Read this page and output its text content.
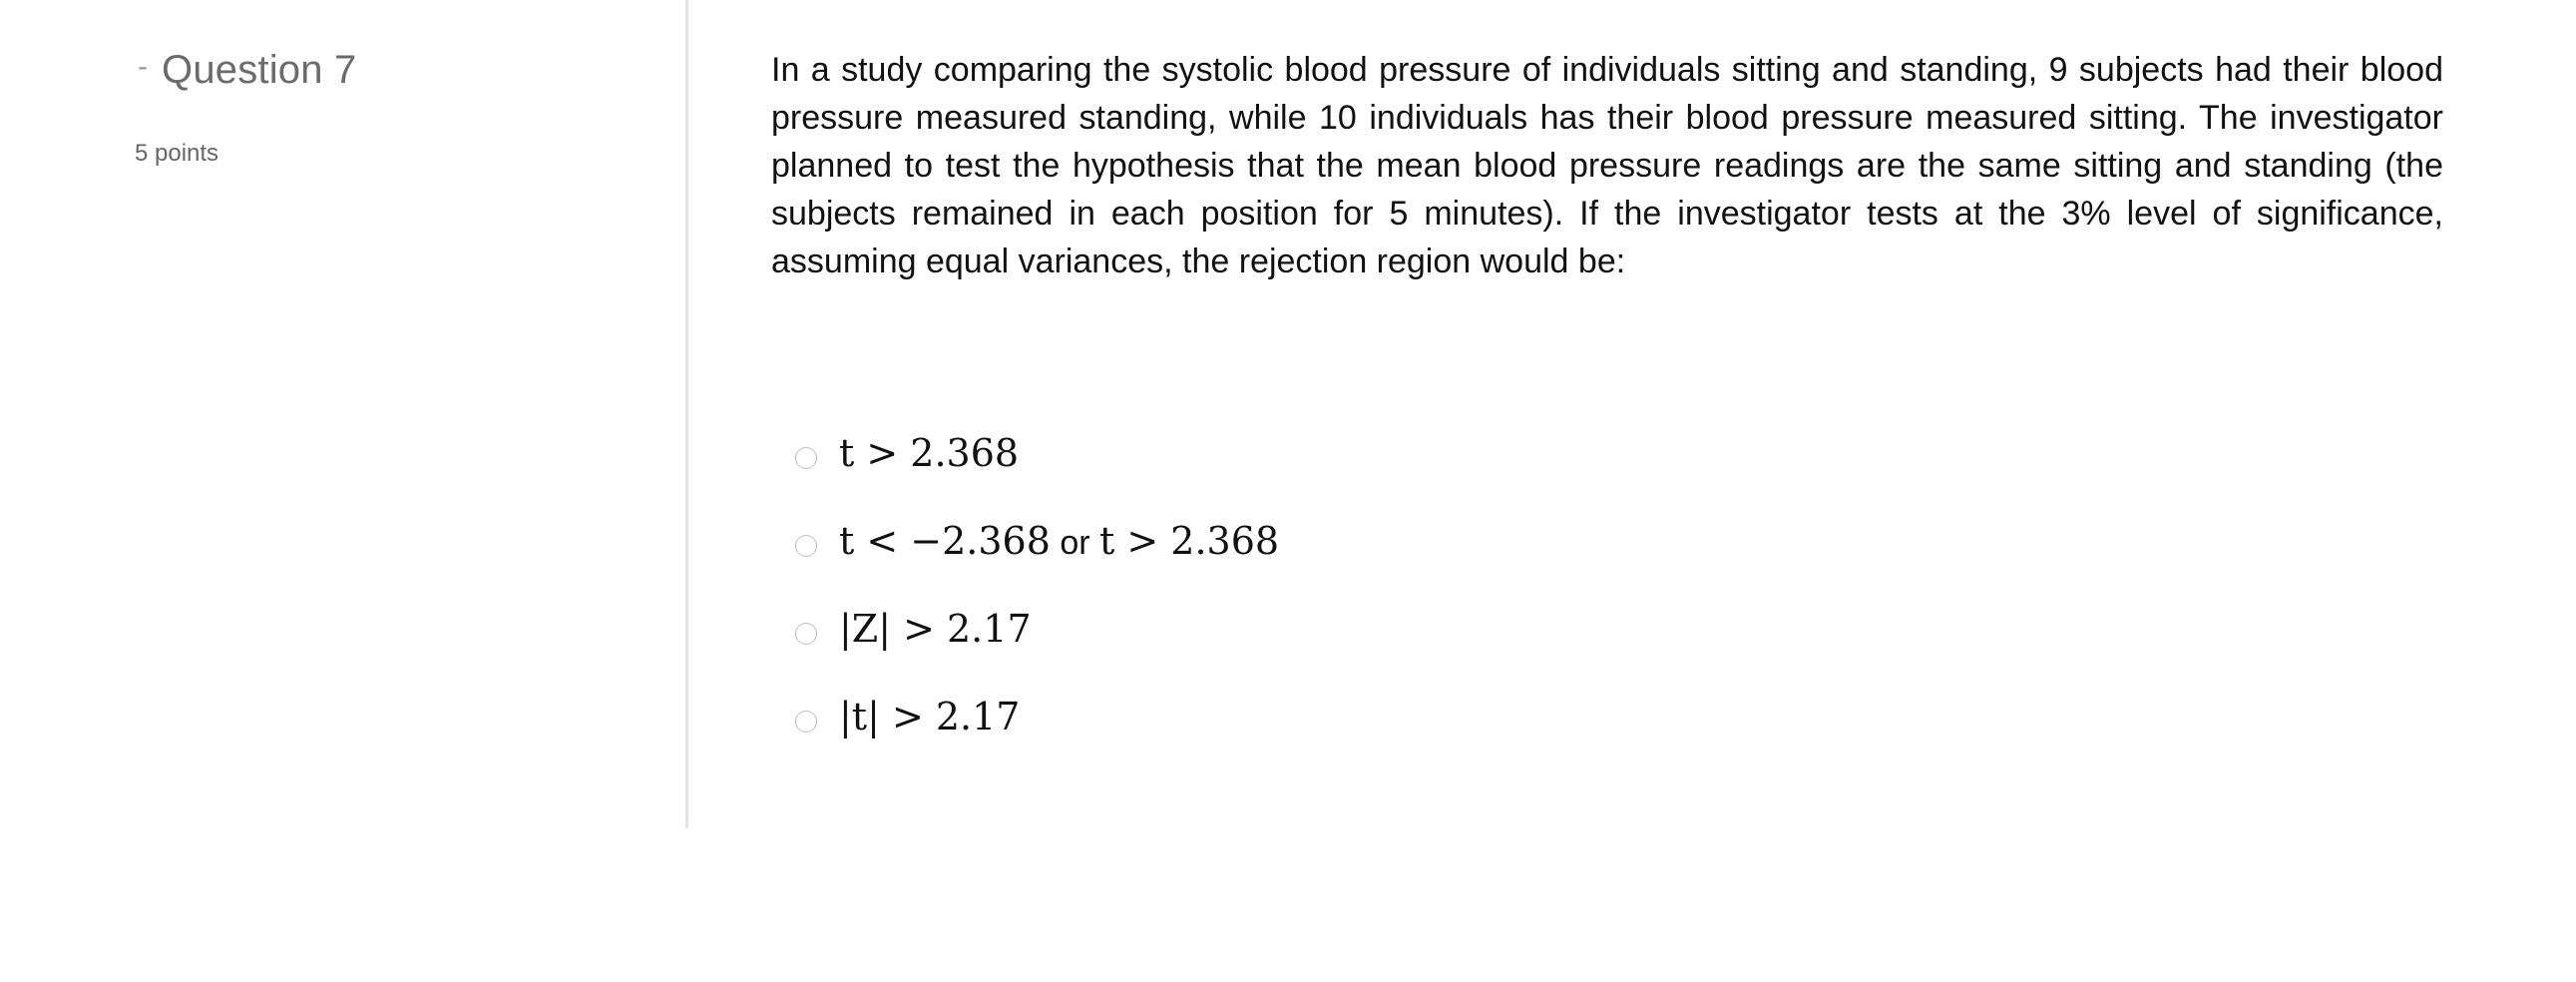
- Question 7
5 points
In a study comparing the systolic blood pressure of individuals sitting and standing, 9 subjects had their blood pressure measured standing, while 10 individuals has their blood pressure measured sitting. The investigator planned to test the hypothesis that the mean blood pressure readings are the same sitting and standing (the subjects remained in each position for 5 minutes). If the investigator tests at the 3% level of significance, assuming equal variances, the rejection region would be:
t > 2.368
t < −2.368 or t > 2.368
|Z| > 2.17
|t| > 2.17
